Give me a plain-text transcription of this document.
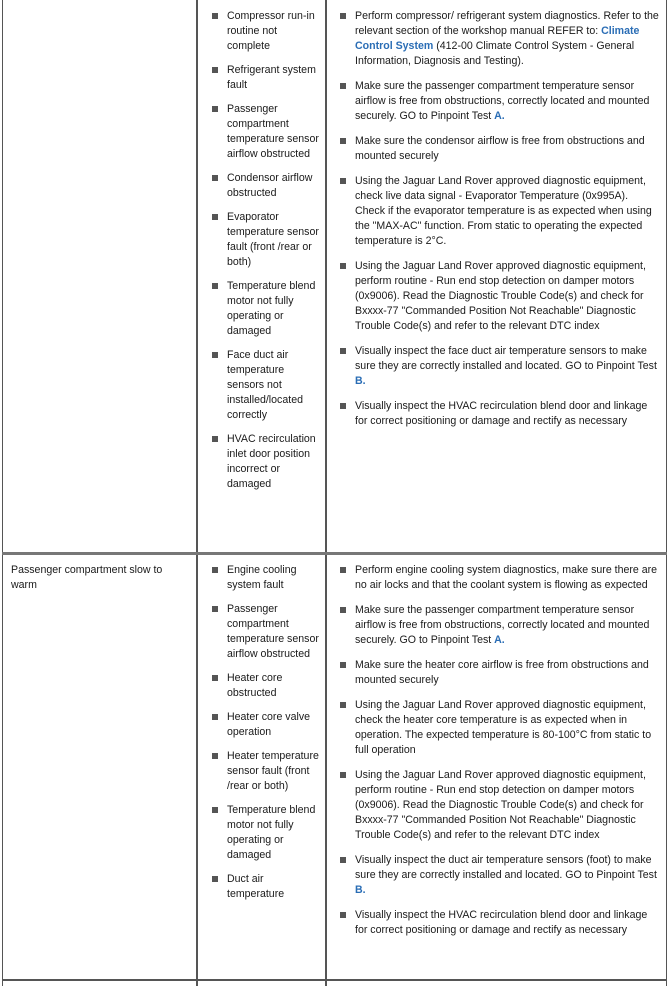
Passenger compartment slow to warm
Compressor run-in routine not complete
Refrigerant system fault
Passenger compartment temperature sensor airflow obstructed
Condensor airflow obstructed
Evaporator temperature sensor fault (front /rear or both)
Temperature blend motor not fully operating or damaged
Face duct air temperature sensors not installed/located correctly
HVAC recirculation inlet door position incorrect or damaged
Perform compressor/ refrigerant system diagnostics. Refer to the relevant section of the workshop manual REFER to: Climate Control System (412-00 Climate Control System - General Information, Diagnosis and Testing).
Make sure the passenger compartment temperature sensor airflow is free from obstructions, correctly located and mounted securely. GO to Pinpoint Test A.
Make sure the condensor airflow is free from obstructions and mounted securely
Using the Jaguar Land Rover approved diagnostic equipment, check live data signal - Evaporator Temperature (0x995A). Check if the evaporator temperature is as expected when using the "MAX-AC" function. From static to operating the expected temperature is 2°C.
Using the Jaguar Land Rover approved diagnostic equipment, perform routine - Run end stop detection on damper motors (0x9006). Read the Diagnostic Trouble Code(s) and check for Bxxxx-77 "Commanded Position Not Reachable" Diagnostic Trouble Code(s) and refer to the relevant DTC index
Visually inspect the face duct air temperature sensors to make sure they are correctly installed and located. GO to Pinpoint Test B.
Visually inspect the HVAC recirculation blend door and linkage for correct positioning or damage and rectify as necessary
Engine cooling system fault
Passenger compartment temperature sensor airflow obstructed
Heater core obstructed
Heater core valve operation
Heater temperature sensor fault (front /rear or both)
Temperature blend motor not fully operating or damaged
Duct air temperature
Perform engine cooling system diagnostics, make sure there are no air locks and that the coolant system is flowing as expected
Make sure the passenger compartment temperature sensor airflow is free from obstructions, correctly located and mounted securely. GO to Pinpoint Test A.
Make sure the heater core airflow is free from obstructions and mounted securely
Using the Jaguar Land Rover approved diagnostic equipment, check the heater core temperature is as expected when in operation. The expected temperature is 80-100°C from static to full operation
Using the Jaguar Land Rover approved diagnostic equipment, perform routine - Run end stop detection on damper motors (0x9006). Read the Diagnostic Trouble Code(s) and check for Bxxxx-77 "Commanded Position Not Reachable" Diagnostic Trouble Code(s) and refer to the relevant DTC index
Visually inspect the duct air temperature sensors (foot) to make sure they are correctly installed and located. GO to Pinpoint Test B.
Visually inspect the HVAC recirculation blend door and linkage for correct positioning or damage and rectify as necessary
